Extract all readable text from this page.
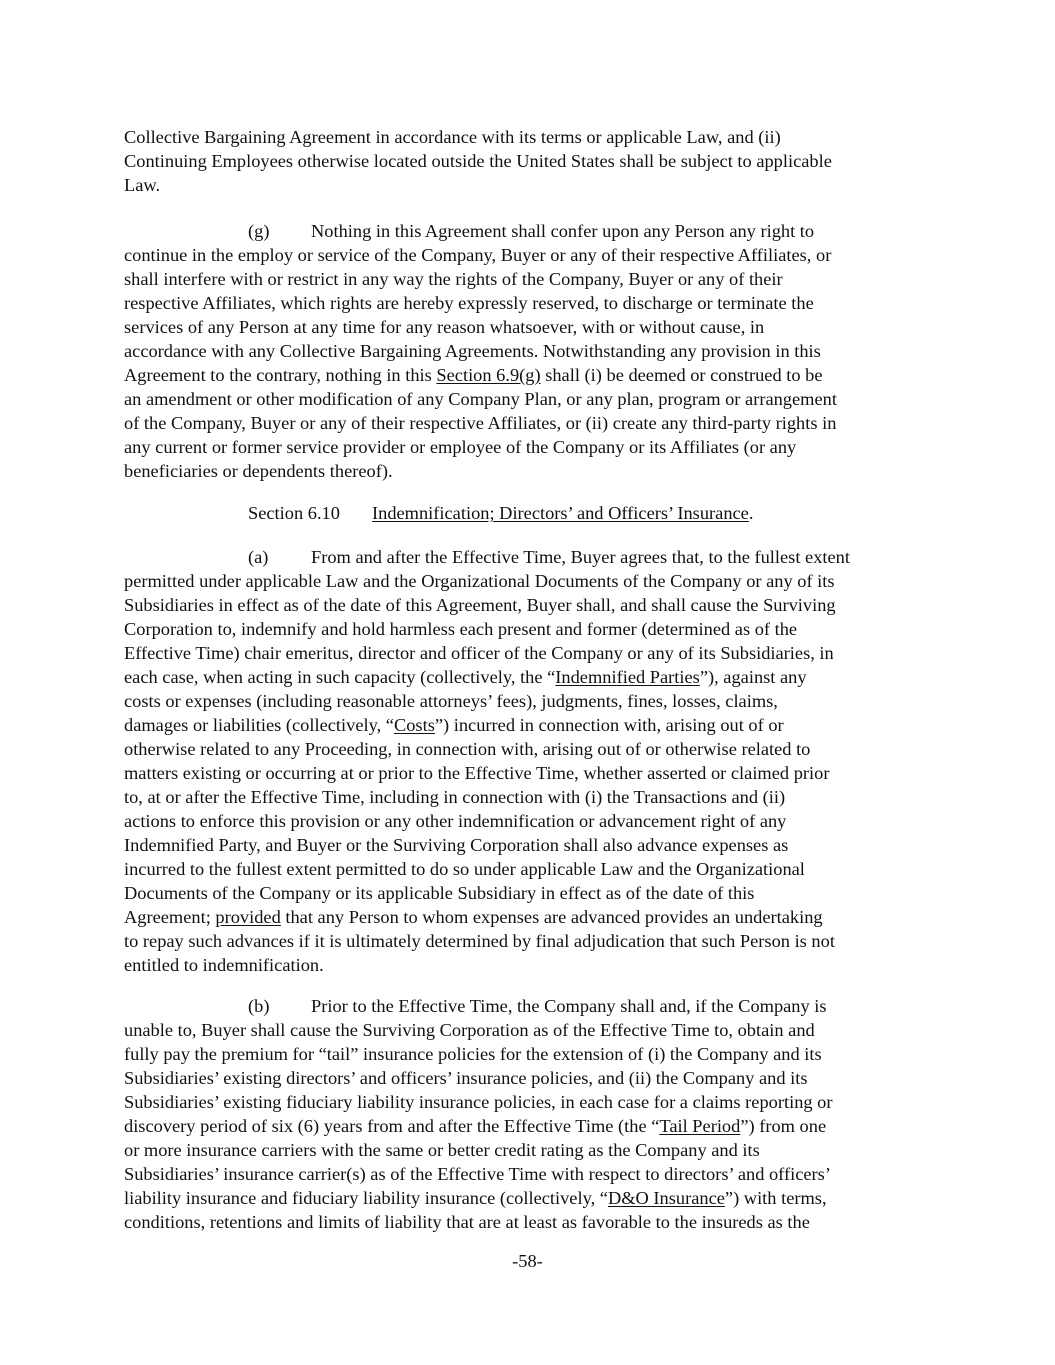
Collective Bargaining Agreement in accordance with its terms or applicable Law, and (ii)
Continuing Employees otherwise located outside the United States shall be subject to applicable
Law.
(g) Nothing in this Agreement shall confer upon any Person any right to
continue in the employ or service of the Company, Buyer or any of their respective Affiliates, or
shall interfere with or restrict in any way the rights of the Company, Buyer or any of their
respective Affiliates, which rights are hereby expressly reserved, to discharge or terminate the
services of any Person at any time for any reason whatsoever, with or without cause, in
accordance with any Collective Bargaining Agreements. Notwithstanding any provision in this
Agreement to the contrary, nothing in this Section 6.9(g) shall (i) be deemed or construed to be
an amendment or other modification of any Company Plan, or any plan, program or arrangement
of the Company, Buyer or any of their respective Affiliates, or (ii) create any third-party rights in
any current or former service provider or employee of the Company or its Affiliates (or any
beneficiaries or dependents thereof).
Section 6.10 Indemnification; Directors’ and Officers’ Insurance.
(a) From and after the Effective Time, Buyer agrees that, to the fullest extent
permitted under applicable Law and the Organizational Documents of the Company or any of its
Subsidiaries in effect as of the date of this Agreement, Buyer shall, and shall cause the Surviving
Corporation to, indemnify and hold harmless each present and former (determined as of the
Effective Time) chair emeritus, director and officer of the Company or any of its Subsidiaries, in
each case, when acting in such capacity (collectively, the “Indemnified Parties”), against any
costs or expenses (including reasonable attorneys’ fees), judgments, fines, losses, claims,
damages or liabilities (collectively, “Costs”) incurred in connection with, arising out of or
otherwise related to any Proceeding, in connection with, arising out of or otherwise related to
matters existing or occurring at or prior to the Effective Time, whether asserted or claimed prior
to, at or after the Effective Time, including in connection with (i) the Transactions and (ii)
actions to enforce this provision or any other indemnification or advancement right of any
Indemnified Party, and Buyer or the Surviving Corporation shall also advance expenses as
incurred to the fullest extent permitted to do so under applicable Law and the Organizational
Documents of the Company or its applicable Subsidiary in effect as of the date of this
Agreement; provided that any Person to whom expenses are advanced provides an undertaking
to repay such advances if it is ultimately determined by final adjudication that such Person is not
entitled to indemnification.
(b) Prior to the Effective Time, the Company shall and, if the Company is
unable to, Buyer shall cause the Surviving Corporation as of the Effective Time to, obtain and
fully pay the premium for “tail” insurance policies for the extension of (i) the Company and its
Subsidiaries’ existing directors’ and officers’ insurance policies, and (ii) the Company and its
Subsidiaries’ existing fiduciary liability insurance policies, in each case for a claims reporting or
discovery period of six (6) years from and after the Effective Time (the “Tail Period”) from one
or more insurance carriers with the same or better credit rating as the Company and its
Subsidiaries’ insurance carrier(s) as of the Effective Time with respect to directors’ and officers’
liability insurance and fiduciary liability insurance (collectively, “D&O Insurance”) with terms,
conditions, retentions and limits of liability that are at least as favorable to the insureds as the
-58-
